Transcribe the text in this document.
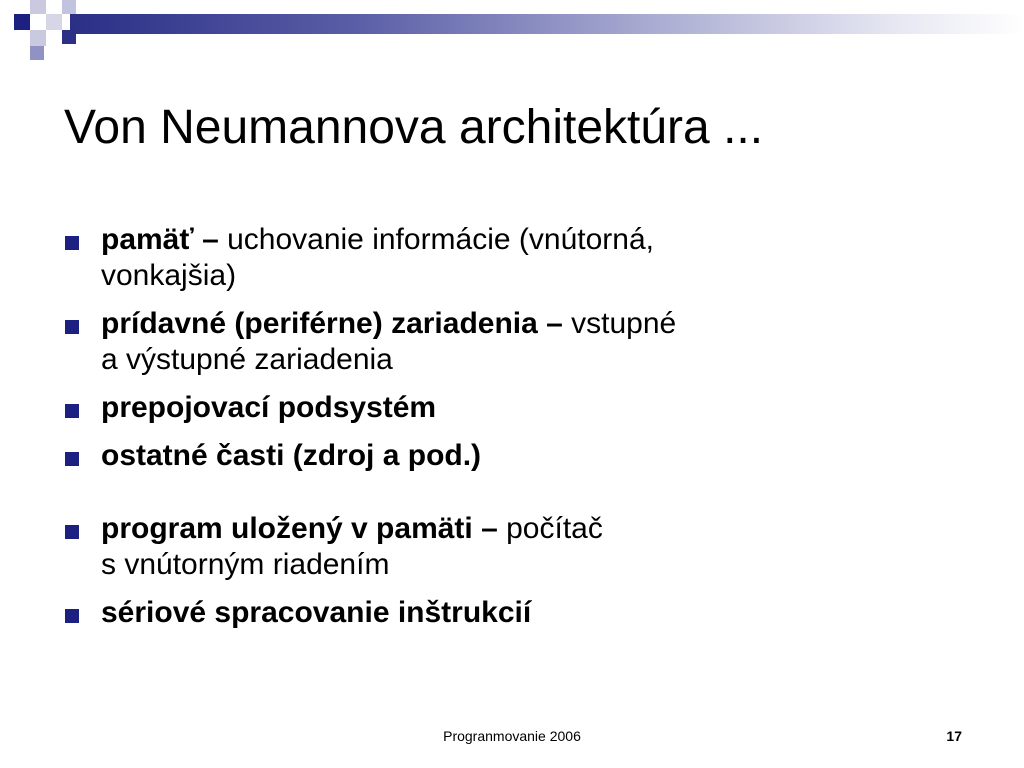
Von Neumannova architektúra ...
pamäť – uchovanie informácie (vnútorná,
vonkajšia)
prídavné (periférne) zariadenia – vstupné
a výstupné zariadenia
prepojovací podsystém
ostatné časti (zdroj a pod.)
program uložený v pamäti – počítač
s vnútorným riadením
sériové spracovanie inštrukcií
Progranmovanie 2006	17
